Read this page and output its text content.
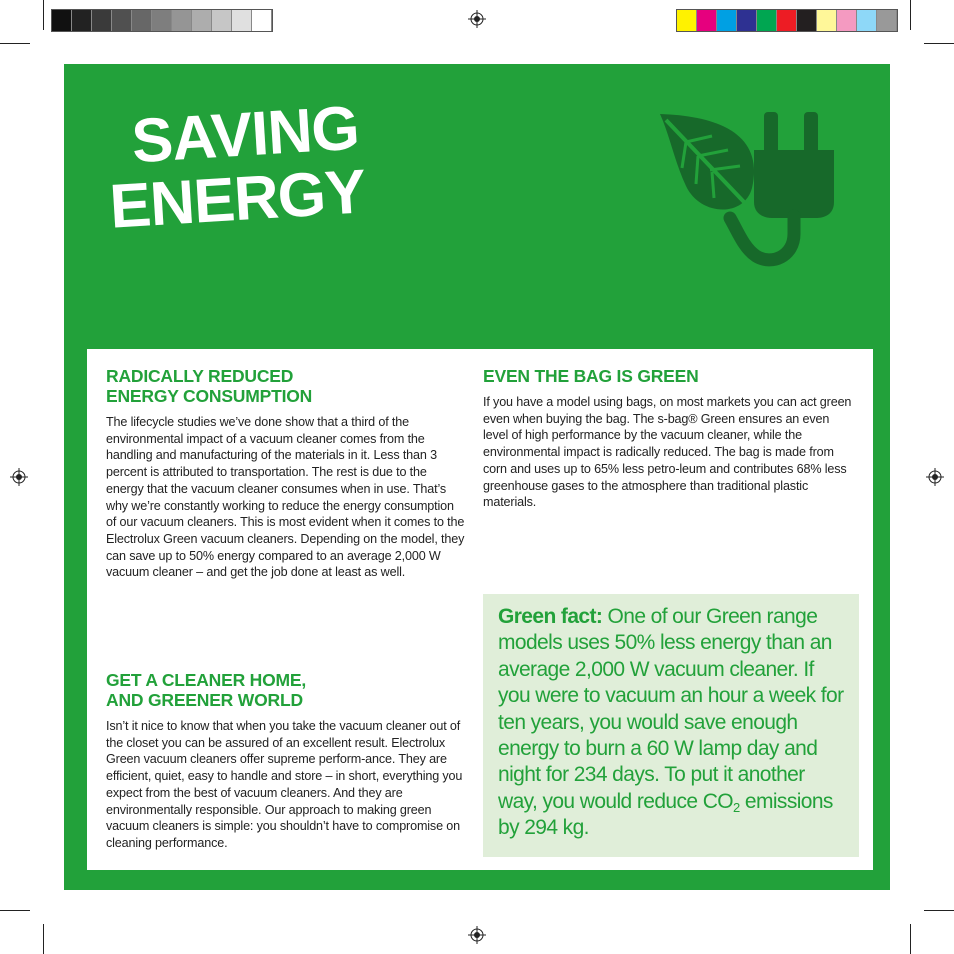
SAVING
ENERGY
RADICALLY REDUCED
ENERGY CONSUMPTION

The lifecycle studies we’ve done show that a third of the environmental impact of a vacuum cleaner comes from the handling and manufacturing of the materials in it. Less than 3 percent is attributed to transportation. The rest is due to the energy that the vacuum cleaner consumes when in use. That’s why we’re constantly working to reduce the energy consumption of our vacuum cleaners. This is most evident when it comes to the Electrolux Green vacuum cleaners. Depending on the model, they can save up to 50% energy compared to an average 2,000 W vacuum cleaner – and get the job done at least as well.

GET A CLEANER HOME,
AND GREENER WORLD

Isn’t it nice to know that when you take the vacuum cleaner out of the closet you can be assured of an excellent result. Electrolux Green vacuum cleaners offer supreme perform-ance. They are efficient, quiet, easy to handle and store – in short, everything you expect from the best of vacuum cleaners. And they are environmentally responsible. Our approach to making green vacuum cleaners is simple: you shouldn’t have to compromise on cleaning performance.

EVEN THE BAG IS GREEN

If you have a model using bags, on most markets you can act green even when buying the bag. The s-bag® Green ensures an even level of high performance by the vacuum cleaner, while the environmental impact is radically reduced. The bag is made from corn and uses up to 65% less petro-leum and contributes 68% less greenhouse gases to the atmosphere than traditional plastic materials.

Green fact: One of our Green range models uses 50% less energy than an average 2,000 W vacuum cleaner. If you were to vacuum an hour a week for ten years, you would save enough energy to burn a 60 W lamp day and night for 234 days. To put it another way, you would reduce $CO_2$ emissions by 294 kg.
